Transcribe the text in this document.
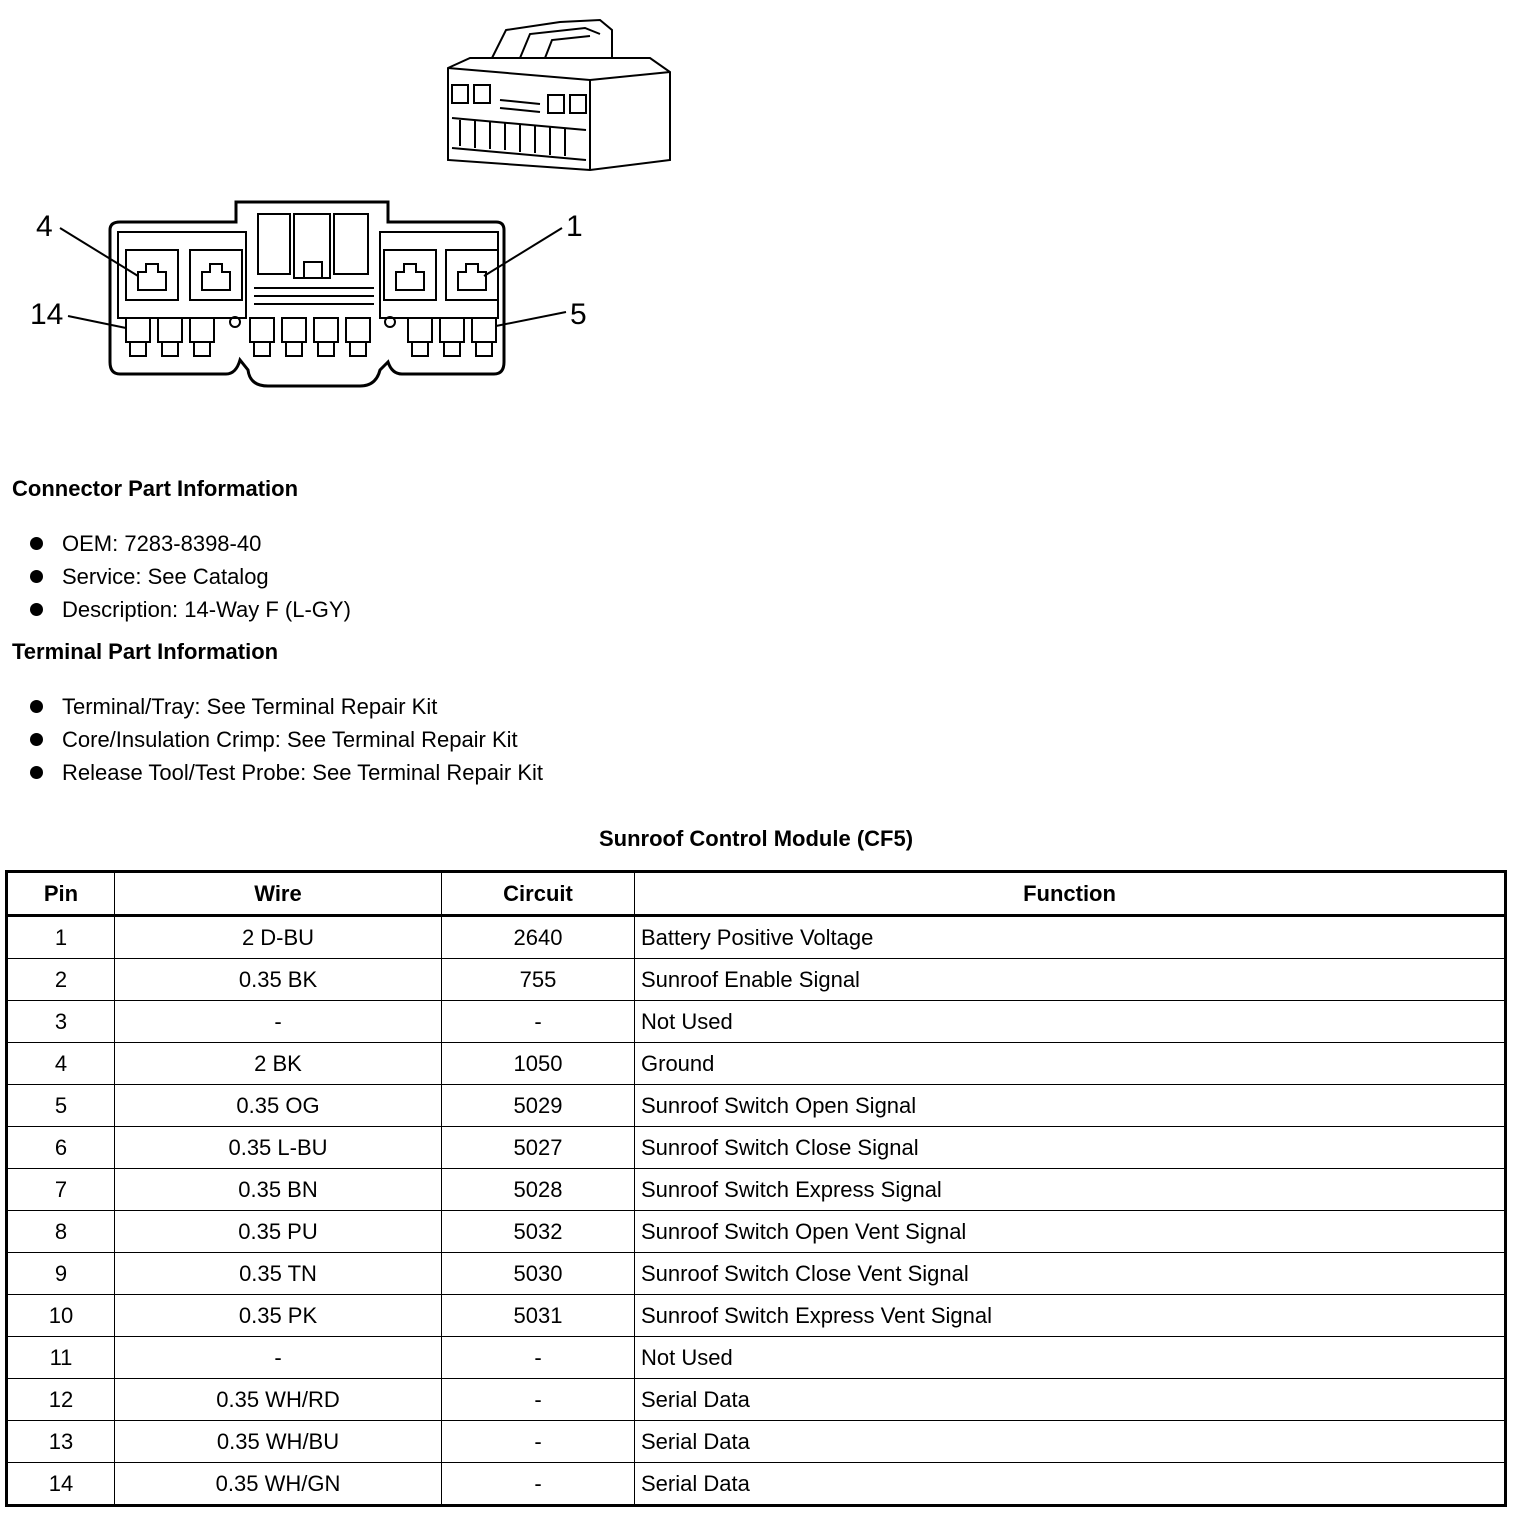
4	1
14	5
Connector Part Information
OEM: 7283-8398-40
Service: See Catalog
Description: 14-Way F (L-GY)
Terminal Part Information
Terminal/Tray: See Terminal Repair Kit
Core/Insulation Crimp: See Terminal Repair Kit
Release Tool/Test Probe: See Terminal Repair Kit
Sunroof Control Module (CF5)
Pin	Wire	Circuit	Function
1	2 D-BU	2640	Battery Positive Voltage
2	0.35 BK	755	Sunroof Enable Signal
3	-	-	Not Used
4	2 BK	1050	Ground
5	0.35 OG	5029	Sunroof Switch Open Signal
6	0.35 L-BU	5027	Sunroof Switch Close Signal
7	0.35 BN	5028	Sunroof Switch Express Signal
8	0.35 PU	5032	Sunroof Switch Open Vent Signal
9	0.35 TN	5030	Sunroof Switch Close Vent Signal
10	0.35 PK	5031	Sunroof Switch Express Vent Signal
11	-	-	Not Used
12	0.35 WH/RD	-	Serial Data
13	0.35 WH/BU	-	Serial Data
14	0.35 WH/GN	-	Serial Data
